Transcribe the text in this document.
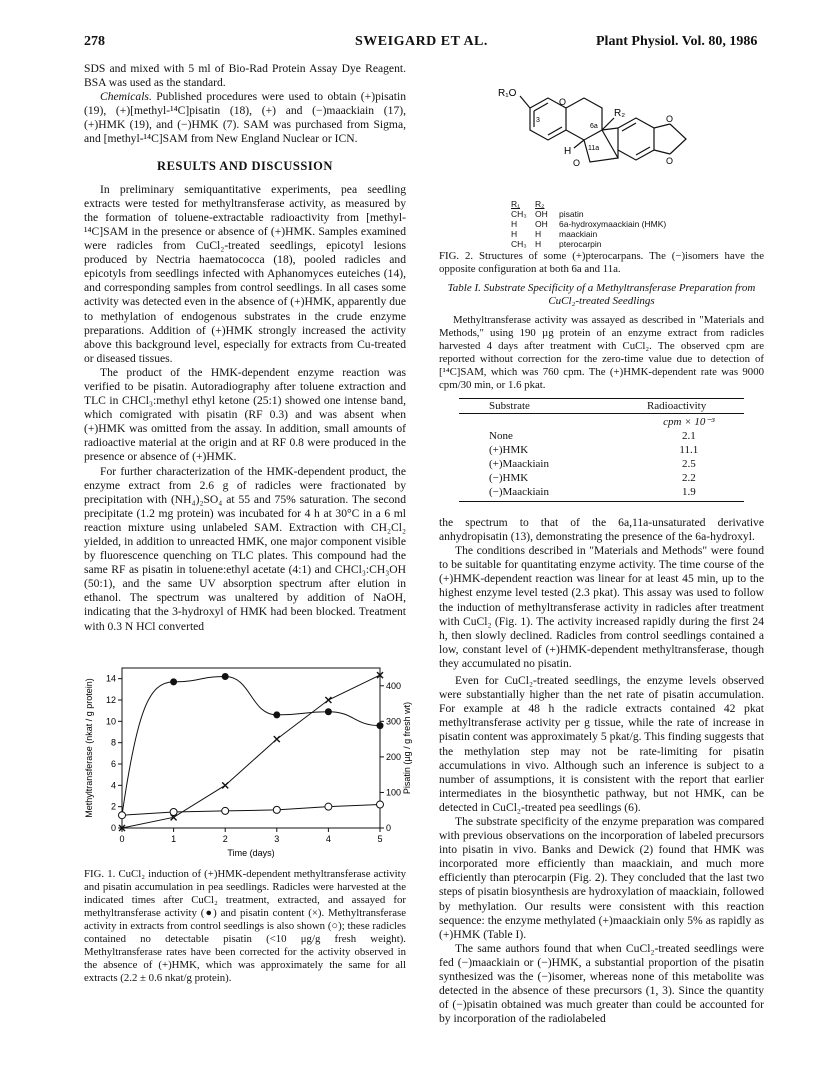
278	SWEIGARD ET AL.	Plant Physiol. Vol. 80, 1986

SDS and mixed with 5 ml of Bio-Rad Protein Assay Dye Reagent. BSA was used as the standard.

Chemicals. Published procedures were used to obtain (+)pisatin (19), (+)[methyl-¹⁴C]pisatin (18), (+) and (−)maackiain (17), (+)HMK (19), and (−)HMK (7). SAM was purchased from Sigma, and [methyl-¹⁴C]SAM from New England Nuclear or ICN.

RESULTS AND DISCUSSION

In preliminary semiquantitative experiments, pea seedling extracts were tested for methyltransferase activity, as measured by the formation of toluene-extractable radioactivity from [methyl-¹⁴C]SAM in the presence or absence of (+)HMK. Samples examined were radicles from CuCl₂-treated seedlings, epicotyl lesions produced by Nectria haematococca (18), pooled radicles and epicotyls from seedlings infected with Aphanomyces euteiches (14), and corresponding samples from control seedlings. In all cases some activity was detected even in the absence of (+)HMK, apparently due to methylation of endogenous substrates in the crude enzyme preparations. Addition of (+)HMK strongly increased the activity above this background level, especially for extracts from Cu-treated or diseased tissues.

The product of the HMK-dependent enzyme reaction was verified to be pisatin. Autoradiography after toluene extraction and TLC in CHCl₃:methyl ethyl ketone (25:1) showed one intense band, which comigrated with pisatin (RF 0.3) and was absent when (+)HMK was omitted from the assay. In addition, small amounts of radioactive material at the origin and at RF 0.8 were produced in the presence or absence of (+)HMK.

For further characterization of the HMK-dependent product, the enzyme extract from 2.6 g of radicles were fractionated by precipitation with (NH₄)₂SO₄ at 55 and 75% saturation. The second precipitate (1.2 mg protein) was incubated for 4 h at 30°C in a 6 ml reaction mixture using unlabeled SAM. Extraction with CH₂Cl₂ yielded, in addition to unreacted HMK, one major component visible by fluorescence quenching on TLC plates. This compound had the same RF as pisatin in toluene:ethyl acetate (4:1) and CHCl₃:CH₃OH (50:1), and the same UV absorption spectrum after elution in ethanol. The spectrum was unaltered by addition of NaOH, indicating that the 3-hydroxyl of HMK had been blocked. Treatment with 0.3 N HCl converted

0	1	2	3	4	5
0
2
4
6
8
10
12
14
0
100
200
300
400
Time (days)
Methyltransferase (nkat / g protein)	Pisatin (µg / g fresh wt)
FIG. 1. CuCl₂ induction of (+)HMK-dependent methyltransferase activity and pisatin accumulation in pea seedlings. Radicles were harvested at the indicated times after CuCl₂ treatment, extracted, and assayed for methyltransferase activity (●) and pisatin content (×). Methyltransferase activity in extracts from control seedlings is also shown (○); these radicles contained no detectable pisatin (<10 μg/g fresh weight). Methyltransferase rates have been corrected for the activity observed in the absence of (+)HMK, which was approximately the same for all extracts (2.2 ± 0.6 nkat/g protein).
R₁O
3
6a
11a
R₂
H
O
O
O
O
R₁	R₂
CH₃ OH	pisatin
H	OH	6a-hydroxymaackiain (HMK)
H	H	maackiain
CH₃ H	pterocarpin
FIG. 2. Structures of some (+)pterocarpans. The (−)isomers have the opposite configuration at both 6a and 11a.
Table I. Substrate Specificity of a Methyltransferase Preparation from CuCl₂-treated Seedlings
Methyltransferase activity was assayed as described in "Materials and Methods," using 190 µg protein of an enzyme extract from radicles harvested 4 days after treatment with CuCl₂. The observed cpm are reported without correction for the zero-time value due to detection of [¹⁴C]SAM, which was 760 cpm. The (+)HMK-dependent rate was 9000 cpm/30 min, or 1.6 pkat.
Substrate	Radioactivity
	cpm × 10⁻³
None	2.1
(+)HMK	11.1
(+)Maackiain	2.5
(−)HMK	2.2
(−)Maackiain	1.9

the spectrum to that of the 6a,11a-unsaturated derivative anhydropisatin (13), demonstrating the presence of the 6a-hydroxyl.

The conditions described in "Materials and Methods" were found to be suitable for quantitating enzyme activity. The time course of the (+)HMK-dependent reaction was linear for at least 45 min, up to the highest enzyme level tested (2.3 pkat). This assay was used to follow the induction of methyltransferase activity in radicles after treatment with CuCl₂ (Fig. 1). The activity increased rapidly during the first 24 h, then slowly declined. Radicles from control seedlings contained a low, constant level of (+)HMK-dependent methyltransferase, though they accumulated no pisatin.

Even for CuCl₂-treated seedlings, the enzyme levels observed were substantially higher than the net rate of pisatin accumulation. For example at 48 h the radicle extracts contained 42 pkat methyltransferase activity per g tissue, while the rate of increase in pisatin content was approximately 5 pkat/g. This finding suggests that the methylation step may not be rate-limiting for pisatin accumulations in vivo. Although such an inference is subject to a number of assumptions, it is consistent with the report that earlier intermediates in the biosynthetic pathway, but not HMK, can be detected in CuCl₂-treated pea seedlings (6).

The substrate specificity of the enzyme preparation was compared with previous observations on the incorporation of labeled precursors into pisatin in vivo. Banks and Dewick (2) found that HMK was incorporated more efficiently than maackiain, and much more efficiently than pterocarpin (Fig. 2). They concluded that the last two steps of pisatin biosynthesis are hydroxylation of maackiain, followed by methylation. Our results were consistent with this reaction sequence: the enzyme methylated (+)maackiain only 5% as rapidly as (+)HMK (Table I).

The same authors found that when CuCl₂-treated seedlings were fed (−)maackiain or (−)HMK, a substantial proportion of the pisatin synthesized was the (−)isomer, whereas none of this metabolite was detected in the absence of these precursors (1, 3). Since the quantity of (−)pisatin obtained was much greater than could be accounted for by incorporation of the radiolabeled
